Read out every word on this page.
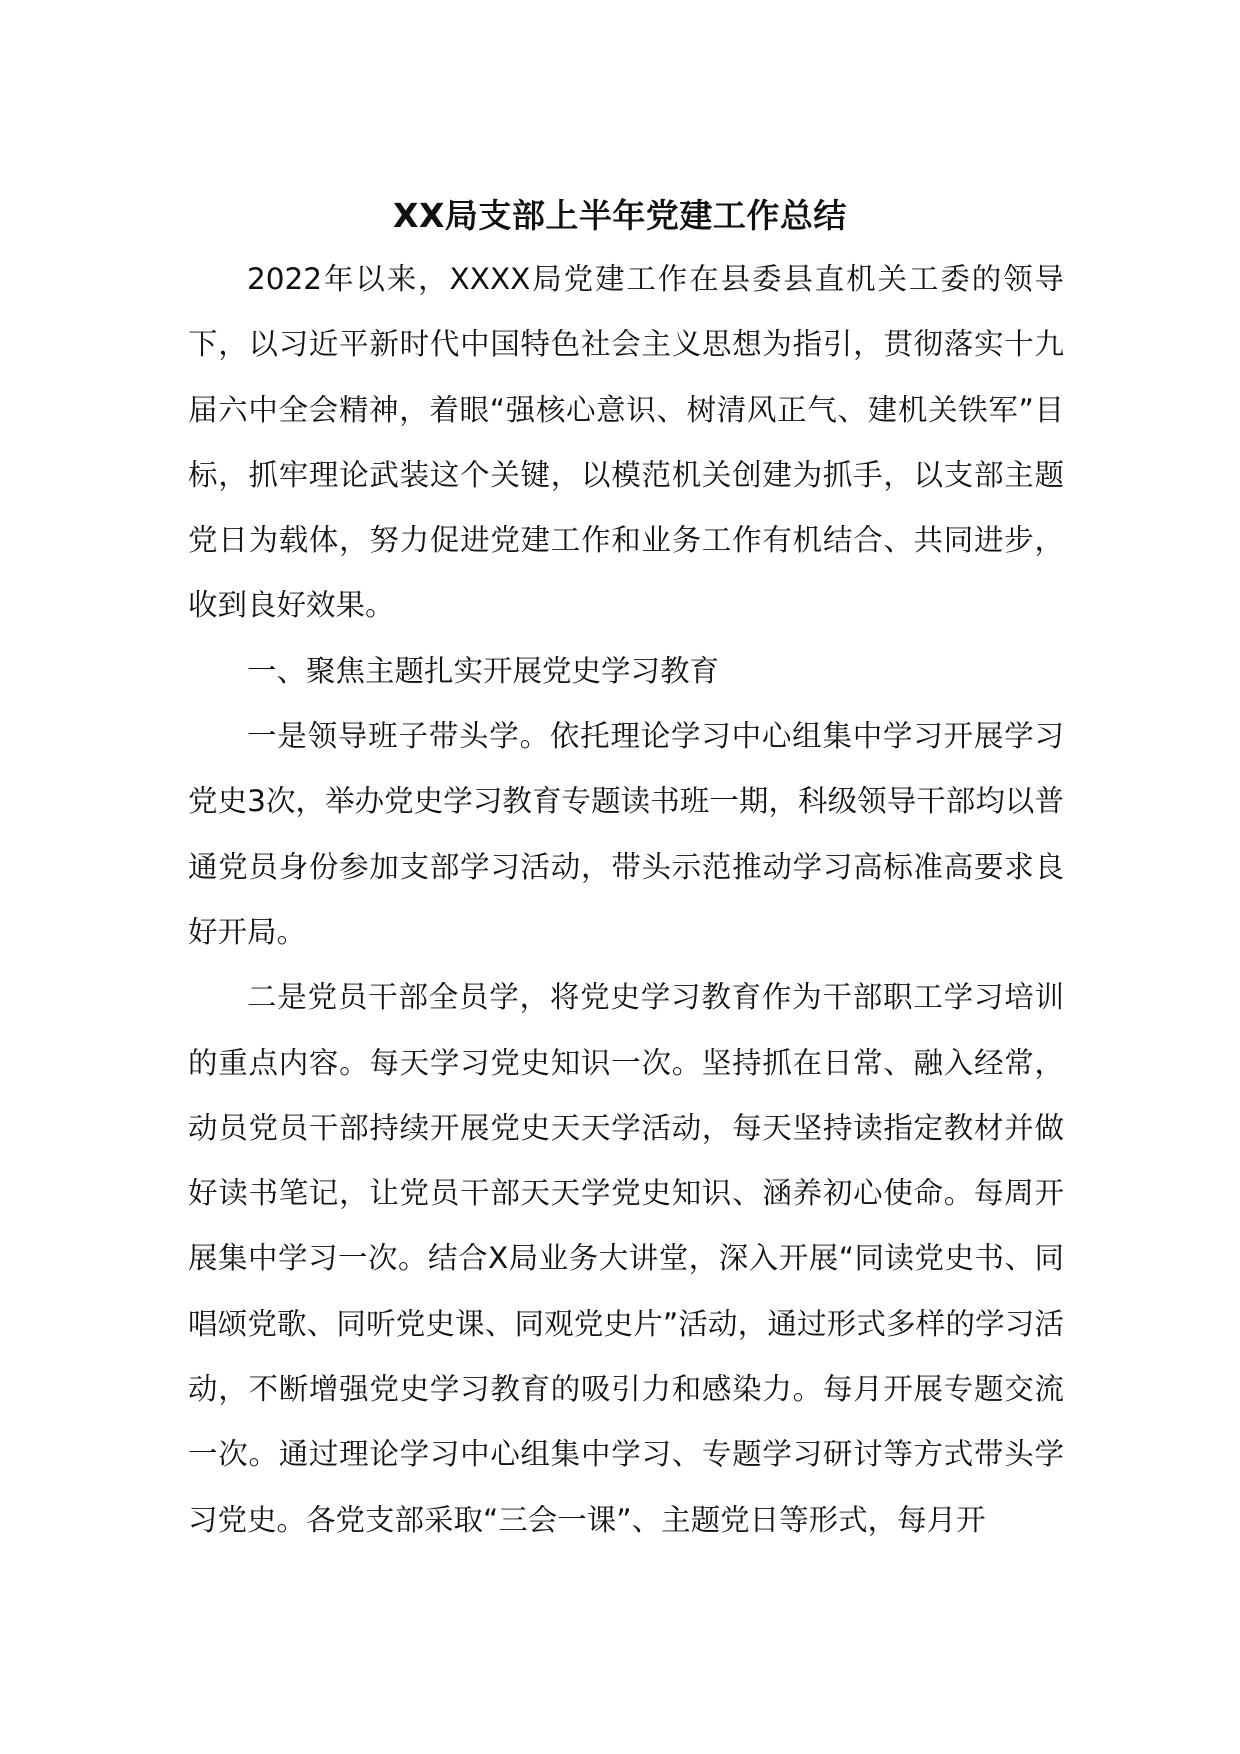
XX局支部上半年党建工作总结

2022年以来，XXXX局党建工作在县委县直机关工委的领导下，以习近平新时代中国特色社会主义思想为指引，贯彻落实十九届六中全会精神，着眼“强核心意识、树清风正气、建机关铁军”目标，抓牢理论武装这个关键，以模范机关创建为抓手，以支部主题党日为载体，努力促进党建工作和业务工作有机结合、共同进步，收到良好效果。

一、聚焦主题扎实开展党史学习教育

一是领导班子带头学。依托理论学习中心组集中学习开展学习党史3次，举办党史学习教育专题读书班一期，科级领导干部均以普通党员身份参加支部学习活动，带头示范推动学习高标准高要求良好开局。

二是党员干部全员学，将党史学习教育作为干部职工学习培训的重点内容。每天学习党史知识一次。坚持抓在日常、融入经常，动员党员干部持续开展党史天天学活动，每天坚持读指定教材并做好读书笔记，让党员干部天天学党史知识、涵养初心使命。每周开展集中学习一次。结合X局业务大讲堂，深入开展“同读党史书、同唱颂党歌、同听党史课、同观党史片”活动，通过形式多样的学习活动，不断增强党史学习教育的吸引力和感染力。每月开展专题交流一次。通过理论学习中心组集中学习、专题学习研讨等方式带头学习党史。各党支部采取“三会一课”、主题党日等形式，每月开
